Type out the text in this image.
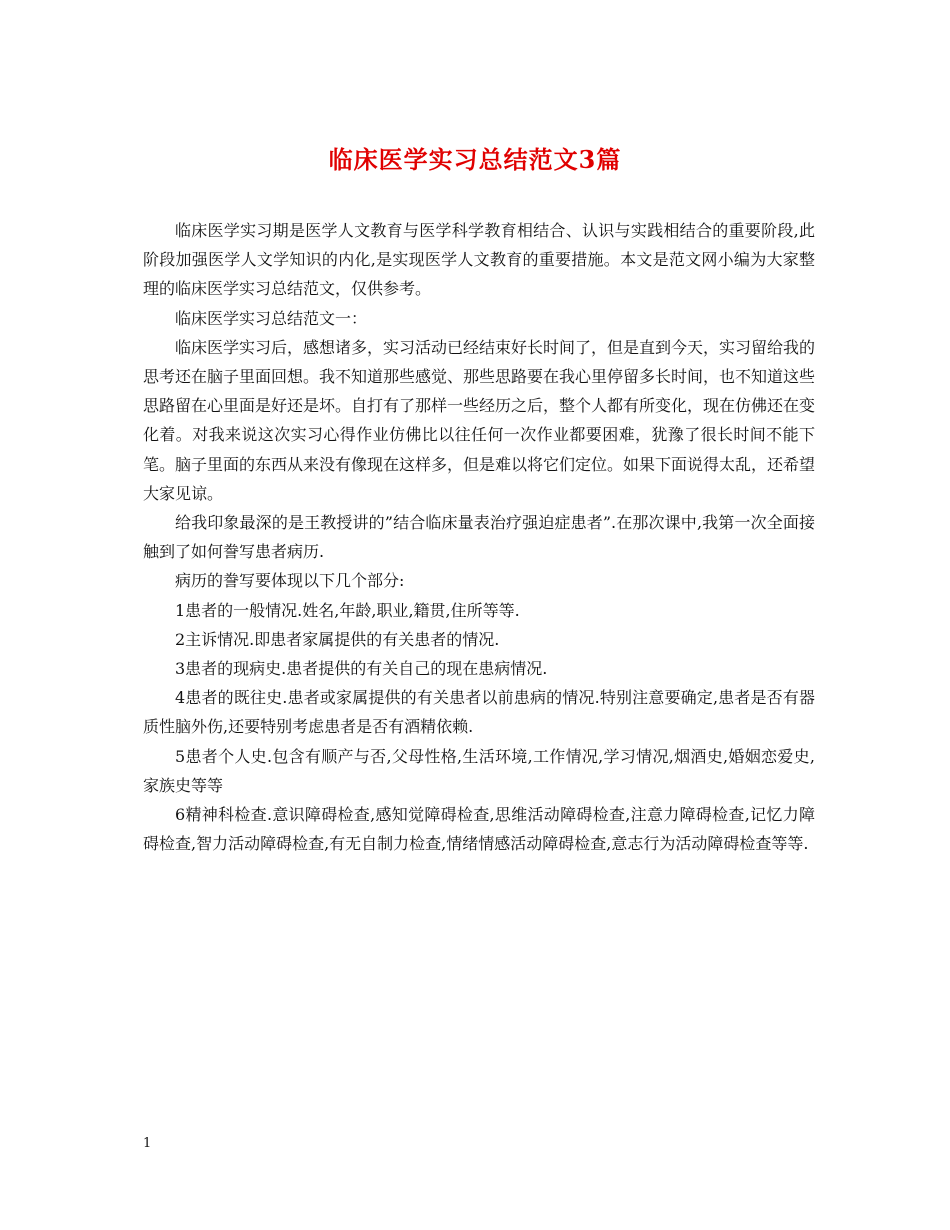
临床医学实习总结范文3篇

临床医学实习期是医学人文教育与医学科学教育相结合、认识与实践相结合的重要阶段,此阶段加强医学人文学知识的内化,是实现医学人文教育的重要措施。本文是范文网小编为大家整理的临床医学实习总结范文，仅供参考。

临床医学实习总结范文一：

临床医学实习后，感想诸多，实习活动已经结束好长时间了，但是直到今天，实习留给我的思考还在脑子里面回想。我不知道那些感觉、那些思路要在我心里停留多长时间，也不知道这些思路留在心里面是好还是坏。自打有了那样一些经历之后，整个人都有所变化，现在仿佛还在变化着。对我来说这次实习心得作业仿佛比以往任何一次作业都要困难，犹豫了很长时间不能下笔。脑子里面的东西从来没有像现在这样多，但是难以将它们定位。如果下面说得太乱，还希望大家见谅。

给我印象最深的是王教授讲的”结合临床量表治疗强迫症患者”.在那次课中,我第一次全面接触到了如何誊写患者病历.

病历的誊写要体现以下几个部分:

1患者的一般情况.姓名,年龄,职业,籍贯,住所等等.

2主诉情况.即患者家属提供的有关患者的情况.

3患者的现病史.患者提供的有关自己的现在患病情况.

4患者的既往史.患者或家属提供的有关患者以前患病的情况.特别注意要确定,患者是否有器质性脑外伤,还要特别考虑患者是否有酒精依赖.

5患者个人史.包含有顺产与否,父母性格,生活环境,工作情况,学习情况,烟酒史,婚姻恋爱史,家族史等等

6精神科检查.意识障碍检查,感知觉障碍检查,思维活动障碍检查,注意力障碍检查,记忆力障碍检查,智力活动障碍检查,有无自制力检查,情绪情感活动障碍检查,意志行为活动障碍检查等等.

1
